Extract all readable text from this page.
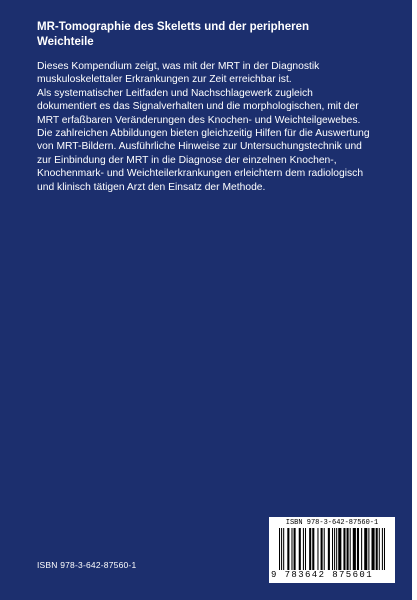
MR-Tomographie des Skeletts und der peripheren Weichteile

Dieses Kompendium zeigt, was mit der MRT in der Diagnostik muskuloskelettaler Erkrankungen zur Zeit erreichbar ist.

Als systematischer Leitfaden und Nachschlagewerk zugleich dokumentiert es das Signalverhalten und die morphologischen, mit der MRT erfaßbaren Veränderungen des Knochen- und Weichteilgewebes. Die zahlreichen Abbildungen bieten gleichzeitig Hilfen für die Auswertung von MRT-Bildern. Ausführliche Hinweise zur Untersuchungstechnik und zur Einbindung der MRT in die Diagnose der einzelnen Knochen-, Knochenmark- und Weichteilerkrankungen erleichtern dem radiologisch und klinisch tätigen Arzt den Einsatz der Methode.

ISBN 978-3-642-87560-1
ISBN 978-3-642-87560-1
9 783642 875601
